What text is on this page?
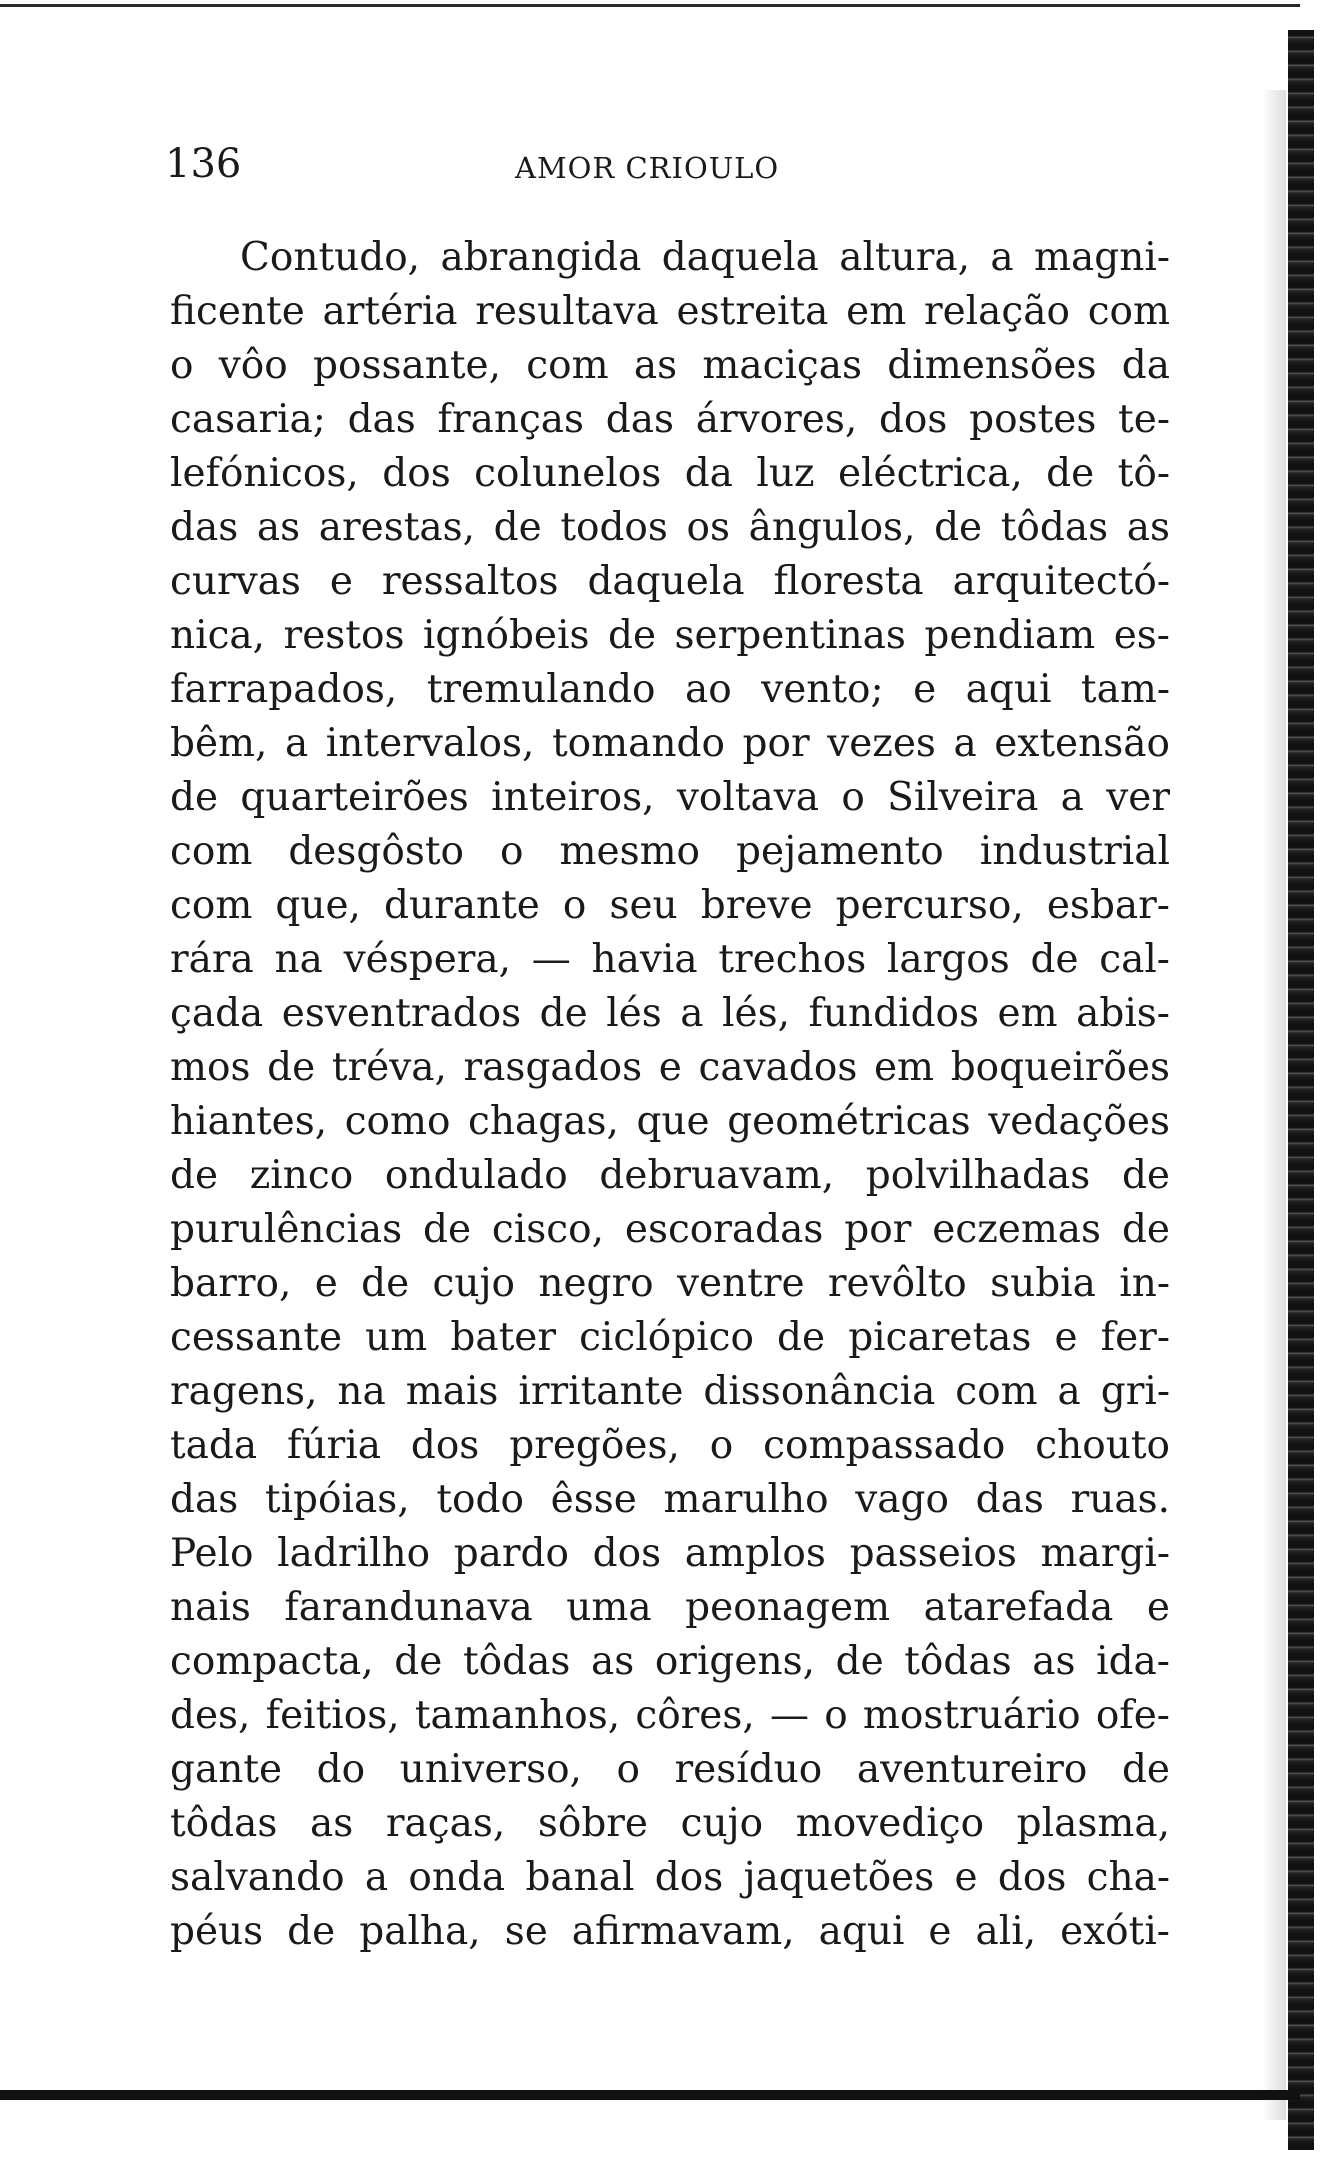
136	AMOR CRIOULO
Contudo, abrangida daquela altura, a magni-
ficente artéria resultava estreita em relação com
o vôo possante, com as maciças dimensões da
casaria; das franças das árvores, dos postes te-
lefónicos, dos colunelos da luz eléctrica, de tô-
das as arestas, de todos os ângulos, de tôdas as
curvas e ressaltos daquela floresta arquitectó-
nica, restos ignóbeis de serpentinas pendiam es-
farrapados, tremulando ao vento; e aqui tam-
bêm, a intervalos, tomando por vezes a extensão
de quarteirões inteiros, voltava o Silveira a ver
com desgôsto o mesmo pejamento industrial
com que, durante o seu breve percurso, esbar-
rára na véspera, — havia trechos largos de cal-
çada esventrados de lés a lés, fundidos em abis-
mos de tréva, rasgados e cavados em boqueirões
hiantes, como chagas, que geométricas vedações
de zinco ondulado debruavam, polvilhadas de
purulências de cisco, escoradas por eczemas de
barro, e de cujo negro ventre revôlto subia in-
cessante um bater ciclópico de picaretas e fer-
ragens, na mais irritante dissonância com a gri-
tada fúria dos pregões, o compassado chouto
das tipóias, todo êsse marulho vago das ruas.
Pelo ladrilho pardo dos amplos passeios margi-
nais farandunava uma peonagem atarefada e
compacta, de tôdas as origens, de tôdas as ida-
des, feitios, tamanhos, côres, — o mostruário ofe-
gante do universo, o resíduo aventureiro de
tôdas as raças, sôbre cujo movediço plasma,
salvando a onda banal dos jaquetões e dos cha-
péus de palha, se afirmavam, aqui e ali, exóti-
